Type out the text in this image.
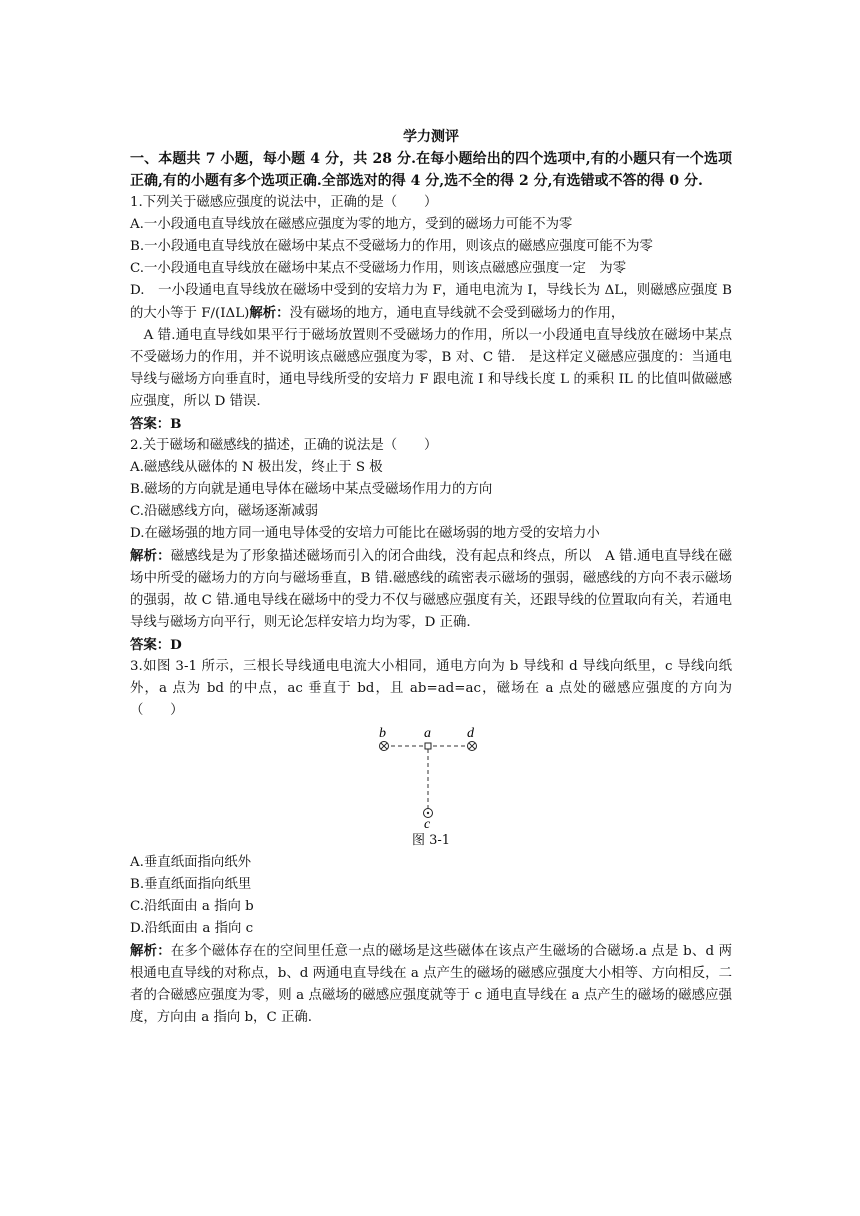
学力测评

一、本题共 7 小题，每小题 4 分，共 28 分.在每小题给出的四个选项中,有的小题只有一个选项正确,有的小题有多个选项正确.全部选对的得 4 分,选不全的得 2 分,有选错或不答的得 0 分.

1.下列关于磁感应强度的说法中，正确的是（　　）

A.一小段通电直导线放在磁感应强度为零的地方，受到的磁场力可能不为零

B.一小段通电直导线放在磁场中某点不受磁场力的作用，则该点的磁感应强度可能不为零

C.一小段通电直导线放在磁场中某点不受磁场力作用，则该点磁感应强度一定　为零

D.　一小段通电直导线放在磁场中受到的安培力为 F，通电电流为 I，导线长为 ΔL，则磁感应强度 B 的大小等于 F/(IΔL)解析：没有磁场的地方，通电直导线就不会受到磁场力的作用，

　A 错.通电直导线如果平行于磁场放置则不受磁场力的作用，所以一小段通电直导线放在磁场中某点不受磁场力的作用，并不说明该点磁感应强度为零，B 对、C 错.　是这样定义磁感应强度的：当通电导线与磁场方向垂直时，通电导线所受的安培力 F 跟电流 I 和导线长度 L 的乘积 IL 的比值叫做磁感应强度，所以 D 错误.

答案：B

2.关于磁场和磁感线的描述，正确的说法是（　　）

A.磁感线从磁体的 N 极出发，终止于 S 极

B.磁场的方向就是通电导体在磁场中某点受磁场作用力的方向

C.沿磁感线方向，磁场逐渐减弱

D.在磁场强的地方同一通电导体受的安培力可能比在磁场弱的地方受的安培力小

解析：磁感线是为了形象描述磁场而引入的闭合曲线，没有起点和终点，所以　A 错.通电直导线在磁场中所受的磁场力的方向与磁场垂直，B 错.磁感线的疏密表示磁场的强弱，磁感线的方向不表示磁场的强弱，故 C 错.通电导线在磁场中的受力不仅与磁感应强度有关，还跟导线的位置取向有关，若通电导线与磁场方向平行，则无论怎样安培力均为零，D 正确.

答案：D

3.如图 3-1 所示，三根长导线通电电流大小相同，通电方向为 b 导线和 d 导线向纸里，c 导线向纸外，a 点为 bd 的中点，ac 垂直于 bd，且 ab=ad=ac，磁场在 a 点处的磁感应强度的方向为　（　　）

b	a	d
c

图 3-1

A.垂直纸面指向纸外

B.垂直纸面指向纸里

C.沿纸面由 a 指向 b

D.沿纸面由 a 指向 c

解析：在多个磁体存在的空间里任意一点的磁场是这些磁体在该点产生磁场的合磁场.a 点是 b、d 两根通电直导线的对称点，b、d 两通电直导线在 a 点产生的磁场的磁感应强度大小相等、方向相反，二者的合磁感应强度为零，则 a 点磁场的磁感应强度就等于 c 通电直导线在 a 点产生的磁场的磁感应强度，方向由 a 指向 b，C 正确.
